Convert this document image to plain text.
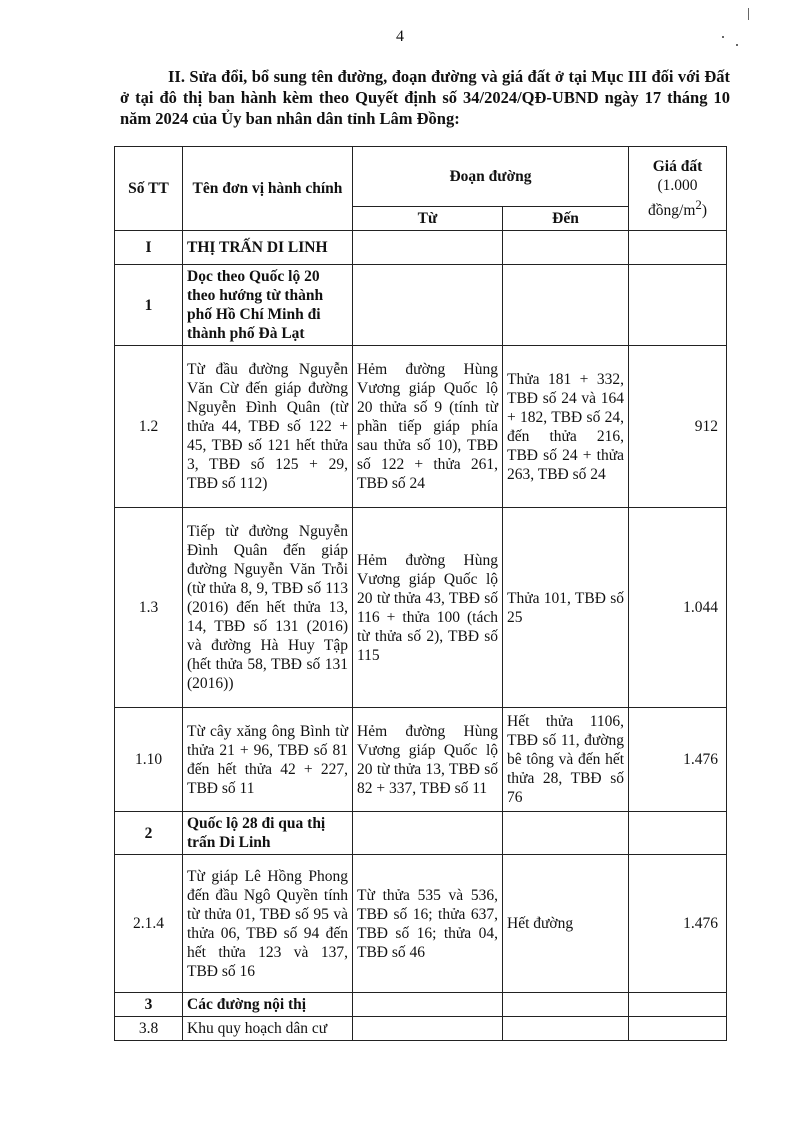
4
II. Sửa đổi, bổ sung tên đường, đoạn đường và giá đất ở tại Mục III đối với Đất ở tại đô thị ban hành kèm theo Quyết định số 34/2024/QĐ-UBND ngày 17 tháng 10 năm 2024 của Ủy ban nhân dân tỉnh Lâm Đồng:
Số TT	Tên đơn vị hành chính	Đoạn đường		Giá đất
(1.000
đồng/$m^2$)
		Từ	Đến	
I	THỊ TRẤN DI LINH			
1	Dọc theo Quốc lộ 20 theo hướng từ thành phố Hồ Chí Minh đi thành phố Đà Lạt			
1.2	Từ đầu đường Nguyễn Văn Cừ đến giáp đường Nguyễn Đình Quân (từ thửa 44, TBĐ số 122 + 45, TBĐ số 121 hết thửa 3, TBĐ số 125 + 29, TBĐ số 112)	Hẻm đường Hùng Vương giáp Quốc lộ 20 thửa số 9 (tính từ phần tiếp giáp phía sau thửa số 10), TBĐ số 122 + thửa 261, TBĐ số 24	Thửa 181 + 332, TBĐ số 24 và 164 + 182, TBĐ số 24, đến thửa 216, TBĐ số 24 + thửa 263, TBĐ số 24	912
1.3	Tiếp từ đường Nguyễn Đình Quân đến giáp đường Nguyễn Văn Trỗi (từ thửa 8, 9, TBĐ số 113 (2016) đến hết thửa 13, 14, TBĐ số 131 (2016) và đường Hà Huy Tập (hết thửa 58, TBĐ số 131 (2016))	Hẻm đường Hùng Vương giáp Quốc lộ 20 từ thửa 43, TBĐ số 116 + thửa 100 (tách từ thửa số 2), TBĐ số 115	Thửa 101, TBĐ số 25	1.044
1.10	Từ cây xăng ông Bình từ thửa 21 + 96, TBĐ số 81 đến hết thửa 42 + 227, TBĐ số 11	Hẻm đường Hùng Vương giáp Quốc lộ 20 từ thửa 13, TBĐ số 82 + 337, TBĐ số 11	Hết thửa 1106, TBĐ số 11, đường bê tông và đến hết thửa 28, TBĐ số 76	1.476
2	Quốc lộ 28 đi qua thị trấn Di Linh			
2.1.4	Từ giáp Lê Hồng Phong đến đầu Ngô Quyền tính từ thửa 01, TBĐ số 95 và thửa 06, TBĐ số 94 đến hết thửa 123 và 137, TBĐ số 16	Từ thửa 535 và 536, TBĐ số 16; thửa 637, TBĐ số 16; thửa 04, TBĐ số 46	Hết đường	1.476
3	Các đường nội thị			
3.8	Khu quy hoạch dân cư			
